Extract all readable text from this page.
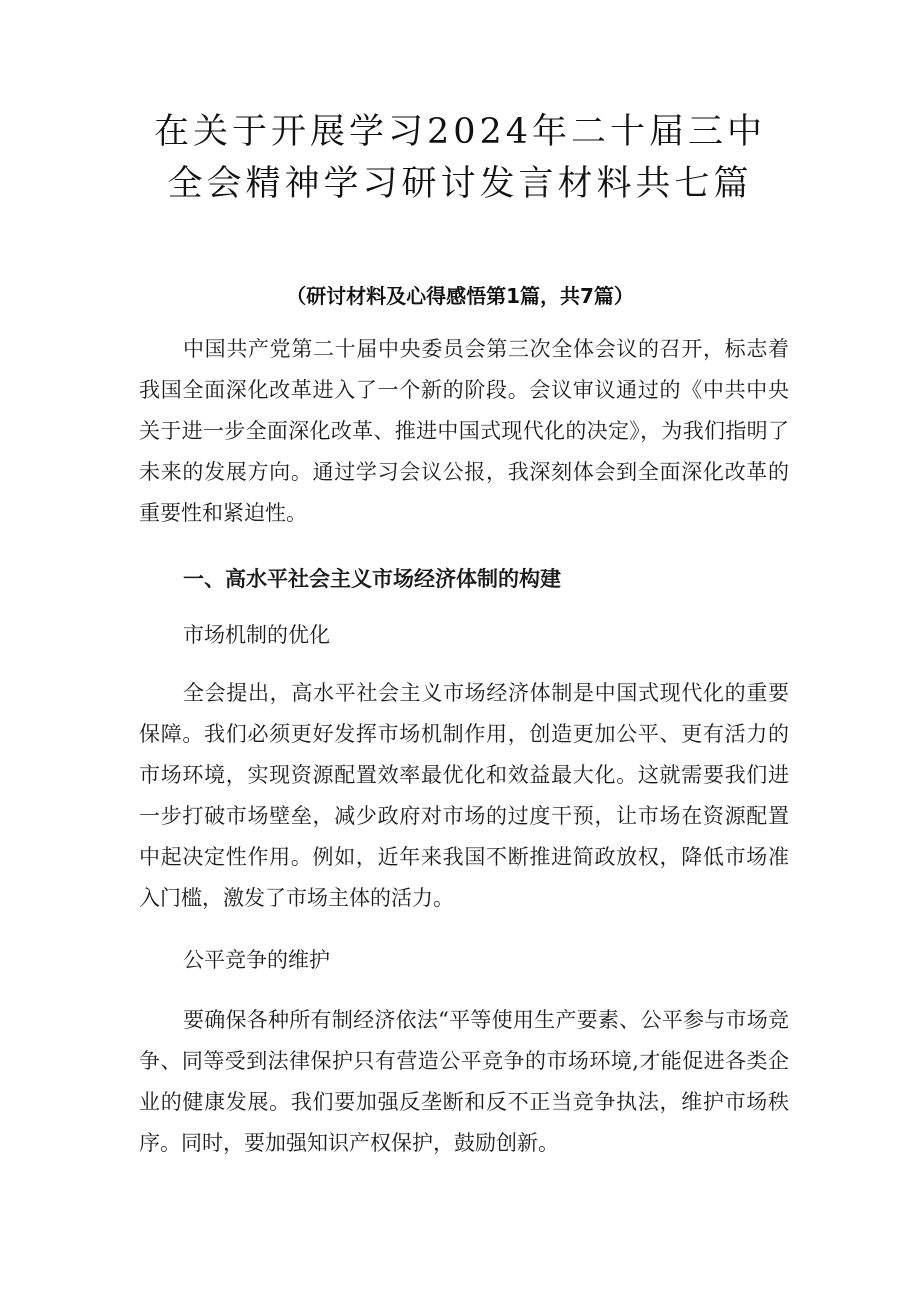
在关于开展学习2024年二十届三中全会精神学习研讨发言材料共七篇
（研讨材料及心得感悟第1篇，共7篇）

中国共产党第二十届中央委员会第三次全体会议的召开，标志着我国全面深化改革进入了一个新的阶段。会议审议通过的《中共中央关于进一步全面深化改革、推进中国式现代化的决定》，为我们指明了未来的发展方向。通过学习会议公报，我深刻体会到全面深化改革的重要性和紧迫性。

一、高水平社会主义市场经济体制的构建

市场机制的优化

全会提出，高水平社会主义市场经济体制是中国式现代化的重要保障。我们必须更好发挥市场机制作用，创造更加公平、更有活力的市场环境，实现资源配置效率最优化和效益最大化。这就需要我们进一步打破市场壁垒，减少政府对市场的过度干预，让市场在资源配置中起决定性作用。例如，近年来我国不断推进简政放权，降低市场准入门槛，激发了市场主体的活力。

公平竞争的维护

要确保各种所有制经济依法“平等使用生产要素、公平参与市场竞争、同等受到法律保护只有营造公平竞争的市场环境,才能促进各类企业的健康发展。我们要加强反垄断和反不正当竞争执法，维护市场秩序。同时，要加强知识产权保护，鼓励创新。
